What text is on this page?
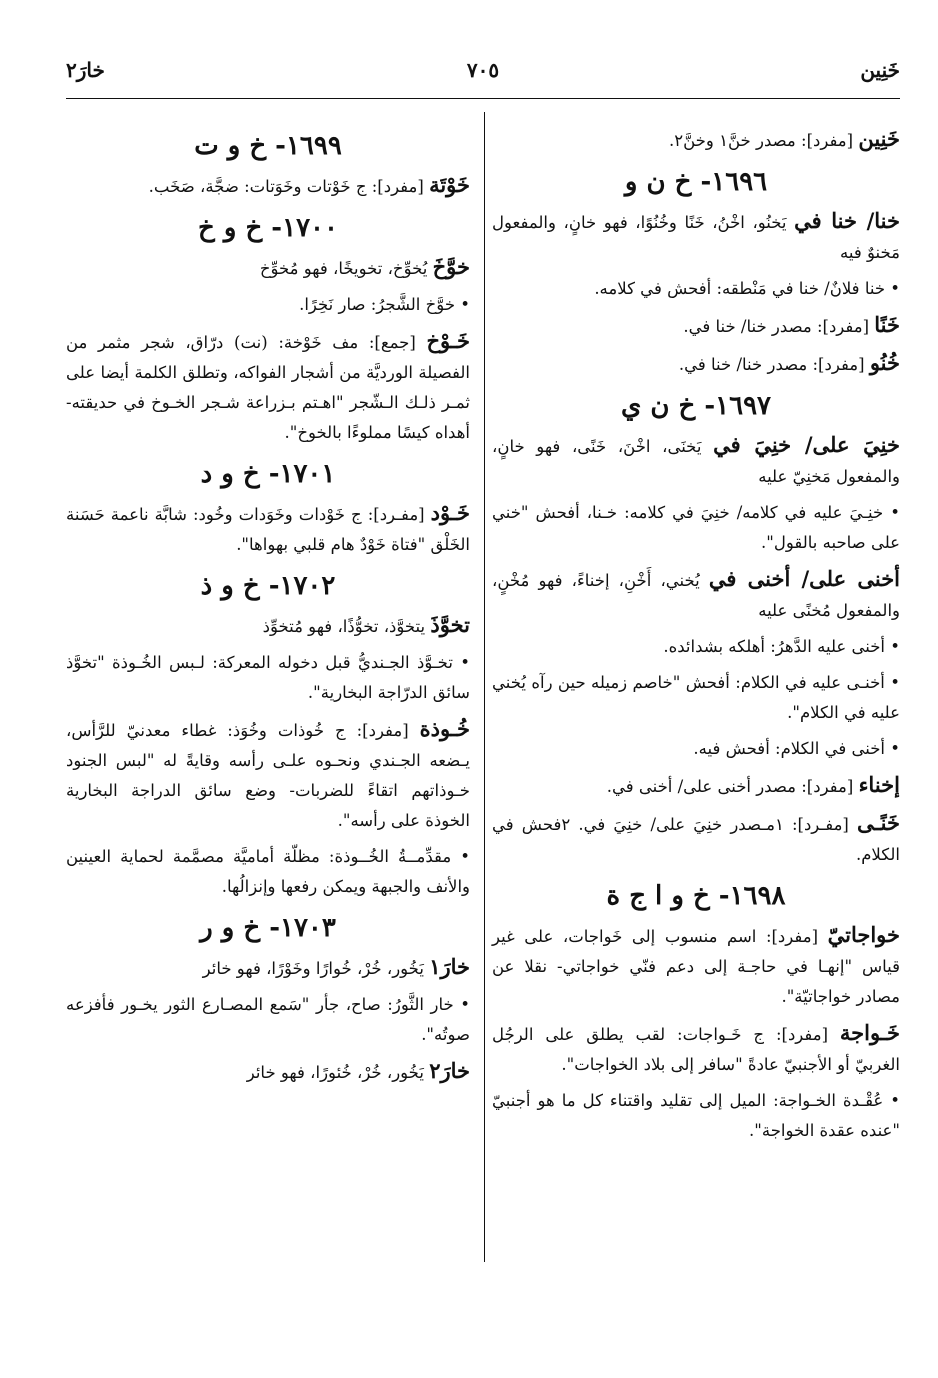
خَنِين
٧٠٥
خارَ٢
خَنِين [مفرد]: مصدر خنَّ١ وخنَّ٢.
١٦٩٦- خ ن و
خنا/ خنا في يَخنُو، اخْنُ، خَنًا وخُنُوًا، فهو خانٍ، والمفعول مَخنوٌ فيه
• خنا فلانٌ/ خنا في مَنْطقه: أفحش في كلامه.
خَنًا [مفرد]: مصدر خنا/ خنا في.
خُنُو [مفرد]: مصدر خنا/ خنا في.
١٦٩٧- خ ن ي
خنِيَ على/ خنِيَ في يَخنَى، اخْنَ، خَنًى، فهو خانٍ، والمفعول مَخنِيّ عليه
• خنِـيَ عليه في كلامه/ خنِيَ في كلامه: خـنا، أفحش "خني على صاحبه بالقول".
أخنى على/ أخنى في يُخني، أَخْنِ، إخناءً، فهو مُخْنٍ، والمفعول مُخنًى عليه
• أخنى عليه الدَّهرُ: أهلكه بشدائده.
• أخنـى عليه في الكلام: أفحش "خاصم زميله حين رآه يُخني عليه في الكلام".
• أخنى في الكلام: أفحش فيه.
إخناء [مفرد]: مصدر أخنى على/ أخنى في.
خَنًـى [مفـرد]: ١مـصدر خنِيَ على/ خنِيَ في. ٢فحش في الكلام.
١٦٩٨- خ و ا ج ة
خواجاتيّ [مفرد]: اسم منسوب إلى خَواجات، على غير قياس "إنهـا في حاجـة إلى دعم فنّي خواجاتي- نقلا عن مصادر خواجاتيّة".
خَـواجة [مفرد]: ج خَـواجات: لقب يطلق على الرجُل الغربيّ أو الأجنبيّ عادةً "سافر إلى بلاد الخواجات".
• عُقْـدة الخـواجة: الميل إلى تقليد واقتناء كل ما هو أجنبيّ "عنده عقدة الخواجة".
١٦٩٩- خ و ت
خَوْتَة [مفرد]: ج خَوْتات وخَوَتات: ضجَّة، صَخَب.
١٧٠٠- خ و خ
خوَّخَ يُخوِّخ، تخويخًا، فهو مُخوِّخ
• خوَّخ الشَّجرُ: صار نَخِرًا.
خَـوْخ [جمع]: مف خَوْخة: (نت) درّاق، شجر مثمر من الفصيلة الورديَّة من أشجار الفواكه، وتطلق الكلمة أيضا على ثمـر ذلـك الـشّجر "اهـتم بـزراعة شـجر الخـوخ في حديقته- أهداه كيسًا مملوءًا بالخوخ".
١٧٠١- خ و د
خَـوْد [مفـرد]: ج خَوْدات وخَوَدات وخُود: شابَّة ناعمة حَسَنة الخَلْق "فتاة خَوْدٌ هام قلبي بهواها".
١٧٠٢- خ و ذ
تخوَّذَ يتخوَّذ، تخوُّذًا، فهو مُتخوِّذ
• تخـوَّذ الجـنديُّ قبل دخوله المعركة: لـبس الخُـوذة "تخوَّذ سائق الدرّاجة البخارية".
خُـوذة [مفرد]: ج خُوذات وخُوَذ: غطاء معدنيّ للرَّأس، يـضعه الجـندي ونحـوه علـى رأسه وقايةً له "لبس الجنود خـوذاتهم اتقاءً للضربات- وضع سائق الدراجة البخارية الخوذة على رأسه".
• مقدِّمــةُ الخُــوذة: مظلّة أماميَّة مصمَّمة لحماية العينين والأنف والجبهة ويمكن رفعها وإنزالُها.
١٧٠٣- خ و ر
خارَ١ يَخُور، خُرْ، خُوارًا وخَوْرًا، فهو خائر
• خار الثَّورُ: صاح، جأر "سَمع المصـارع الثور يخـور فأفزعه صوتُه".
خارَ٢ يَخُور، خُرْ، خُئورًا، فهو خائر
